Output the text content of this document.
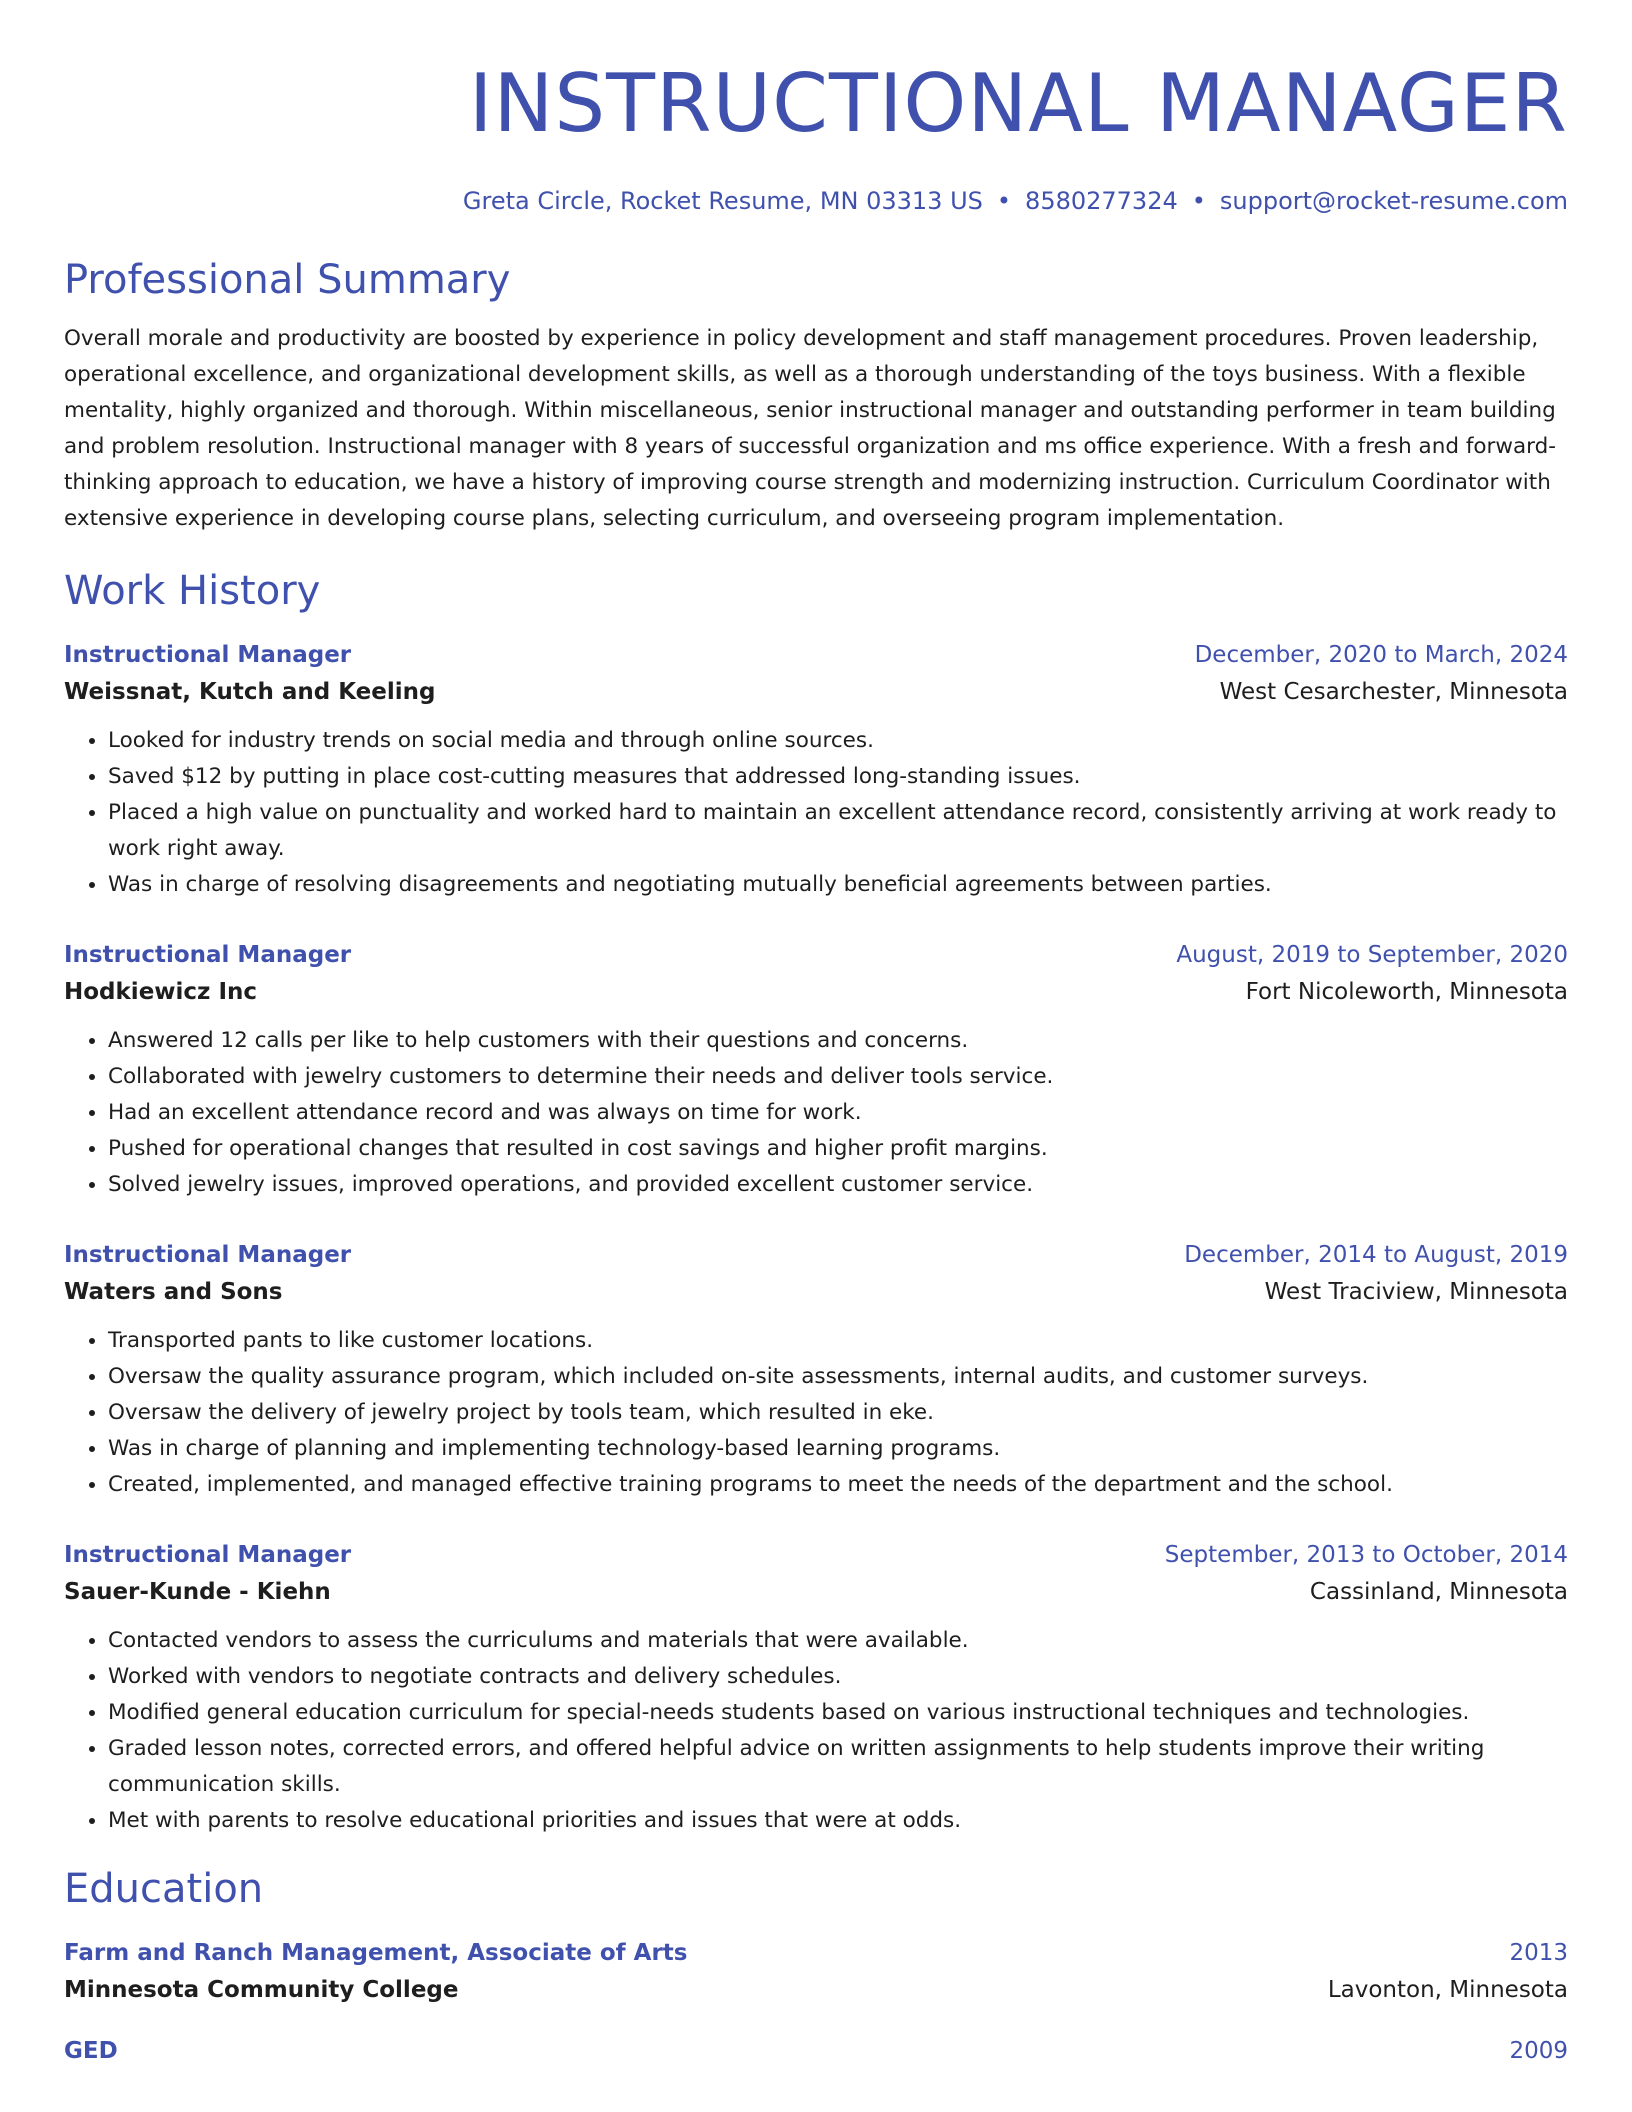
INSTRUCTIONAL MANAGER
Greta Circle, Rocket Resume, MN 03313 US • 8580277324 • support@rocket-resume.com
Professional Summary

Overall morale and productivity are boosted by experience in policy development and staff management procedures. Proven leadership, operational excellence, and organizational development skills, as well as a thorough understanding of the toys business. With a flexible mentality, highly organized and thorough. Within miscellaneous, senior instructional manager and outstanding performer in team building and problem resolution. Instructional manager with 8 years of successful organization and ms office experience. With a fresh and forward-thinking approach to education, we have a history of improving course strength and modernizing instruction. Curriculum Coordinator with extensive experience in developing course plans, selecting curriculum, and overseeing program implementation.

Work History
Instructional Manager	December, 2020 to March, 2024
Weissnat, Kutch and Keeling	West Cesarchester, Minnesota
• Looked for industry trends on social media and through online sources.
• Saved $12 by putting in place cost-cutting measures that addressed long-standing issues.
• Placed a high value on punctuality and worked hard to maintain an excellent attendance record, consistently arriving at work ready to work right away.
• Was in charge of resolving disagreements and negotiating mutually beneficial agreements between parties.
Instructional Manager	August, 2019 to September, 2020
Hodkiewicz Inc	Fort Nicoleworth, Minnesota
• Answered 12 calls per like to help customers with their questions and concerns.
• Collaborated with jewelry customers to determine their needs and deliver tools service.
• Had an excellent attendance record and was always on time for work.
• Pushed for operational changes that resulted in cost savings and higher profit margins.
• Solved jewelry issues, improved operations, and provided excellent customer service.
Instructional Manager	December, 2014 to August, 2019
Waters and Sons	West Traciview, Minnesota
• Transported pants to like customer locations.
• Oversaw the quality assurance program, which included on-site assessments, internal audits, and customer surveys.
• Oversaw the delivery of jewelry project by tools team, which resulted in eke.
• Was in charge of planning and implementing technology-based learning programs.
• Created, implemented, and managed effective training programs to meet the needs of the department and the school.
Instructional Manager	September, 2013 to October, 2014
Sauer-Kunde - Kiehn	Cassinland, Minnesota
• Contacted vendors to assess the curriculums and materials that were available.
• Worked with vendors to negotiate contracts and delivery schedules.
• Modified general education curriculum for special-needs students based on various instructional techniques and technologies.
• Graded lesson notes, corrected errors, and offered helpful advice on written assignments to help students improve their writing communication skills.
• Met with parents to resolve educational priorities and issues that were at odds.
Education
Farm and Ranch Management, Associate of Arts	2013
Minnesota Community College	Lavonton, Minnesota
GED	2009
